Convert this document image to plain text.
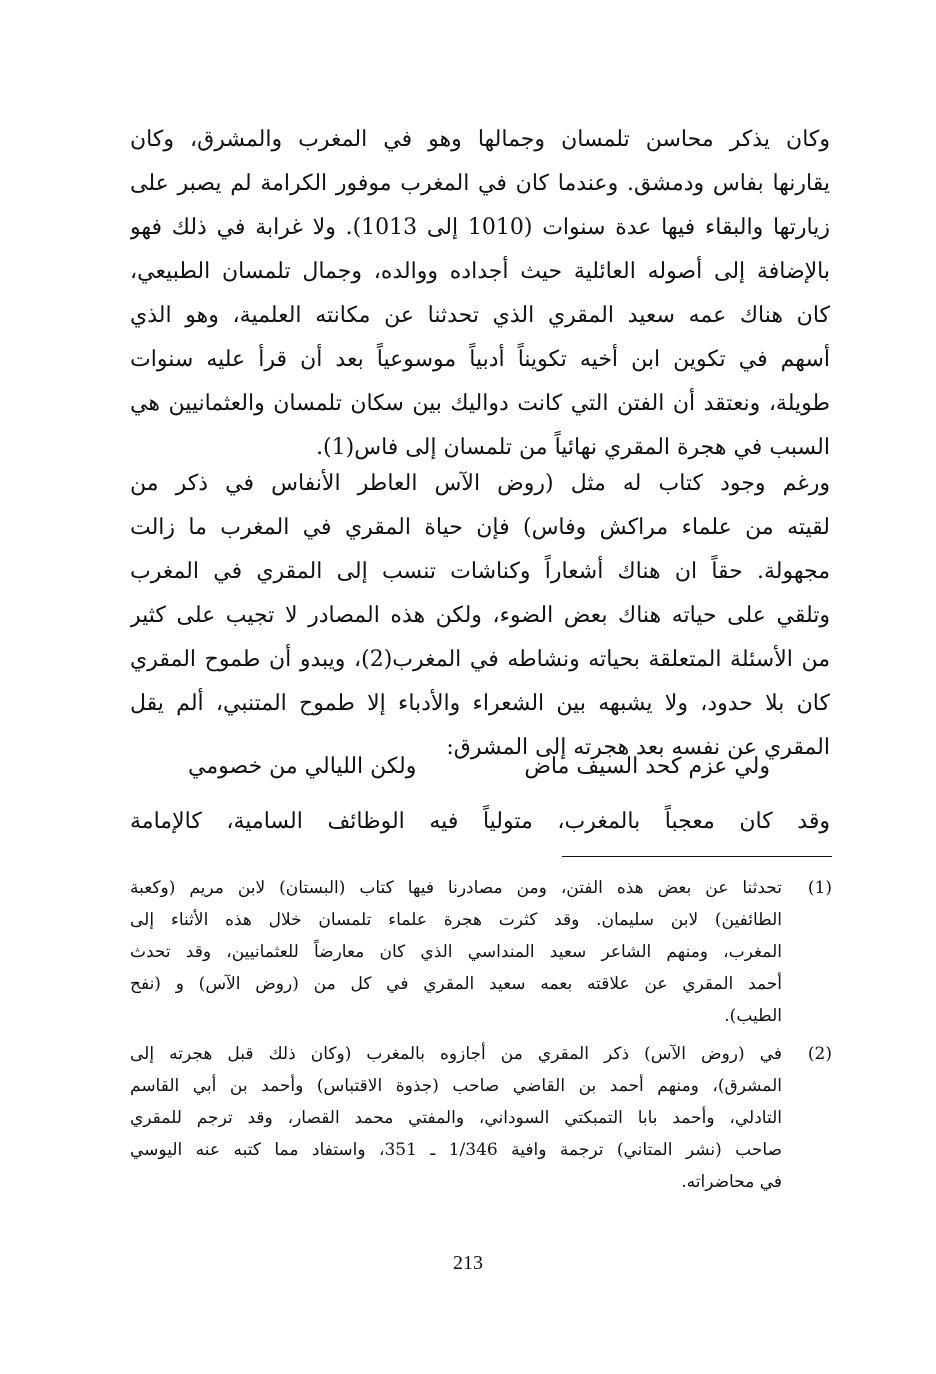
وكان يذكر محاسن تلمسان وجمالها وهو في المغرب والمشرق، وكان
يقارنها بفاس ودمشق. وعندما كان في المغرب موفور الكرامة لم يصبر على
زيارتها والبقاء فيها عدة سنوات (1010 إلى 1013). ولا غرابة في ذلك فهو
بالإضافة إلى أصوله العائلية حيث أجداده ووالده، وجمال تلمسان الطبيعي،
كان هناك عمه سعيد المقري الذي تحدثنا عن مكانته العلمية، وهو الذي
أسهم في تكوين ابن أخيه تكويناً أدبياً موسوعياً بعد أن قرأ عليه سنوات
طويلة، ونعتقد أن الفتن التي كانت دواليك بين سكان تلمسان والعثمانيين هي
السبب في هجرة المقري نهائياً من تلمسان إلى فاس(1).
ورغم وجود كتاب له مثل (روض الآس العاطر الأنفاس في ذكر من
لقيته من علماء مراكش وفاس) فإن حياة المقري في المغرب ما زالت
مجهولة. حقاً ان هناك أشعاراً وكناشات تنسب إلى المقري في المغرب
وتلقي على حياته هناك بعض الضوء، ولكن هذه المصادر لا تجيب على كثير
من الأسئلة المتعلقة بحياته ونشاطه في المغرب(2)، ويبدو أن طموح المقري
كان بلا حدود، ولا يشبهه بين الشعراء والأدباء إلا طموح المتنبي، ألم يقل
المقري عن نفسه بعد هجرته إلى المشرق:
ولي عزم كحد السيف ماض
ولكن الليالي من خصومي
وقد كان معجباً بالمغرب، متولياً فيه الوظائف السامية، كالإمامة
(1)
تحدثنا عن بعض هذه الفتن، ومن مصادرنا فيها كتاب (البستان) لابن مريم (وكعبة
الطائفين) لابن سليمان. وقد كثرت هجرة علماء تلمسان خلال هذه الأثناء إلى
المغرب، ومنهم الشاعر سعيد المنداسي الذي كان معارضاً للعثمانيين، وقد تحدث
أحمد المقري عن علاقته بعمه سعيد المقري في كل من (روض الآس) و (نفح
الطيب).
(2)
في (روض الآس) ذكر المقري من أجازوه بالمغرب (وكان ذلك قبل هجرته إلى
المشرق)، ومنهم أحمد بن القاضي صاحب (جذوة الاقتباس) وأحمد بن أبي القاسم
التادلي، وأحمد بابا التمبكتي السوداني، والمفتي محمد القصار، وقد ترجم للمقري
صاحب (نشر المتاني) ترجمة وافية 1/346 ـ 351، واستفاد مما كتبه عنه اليوسي
في محاضراته.
213
